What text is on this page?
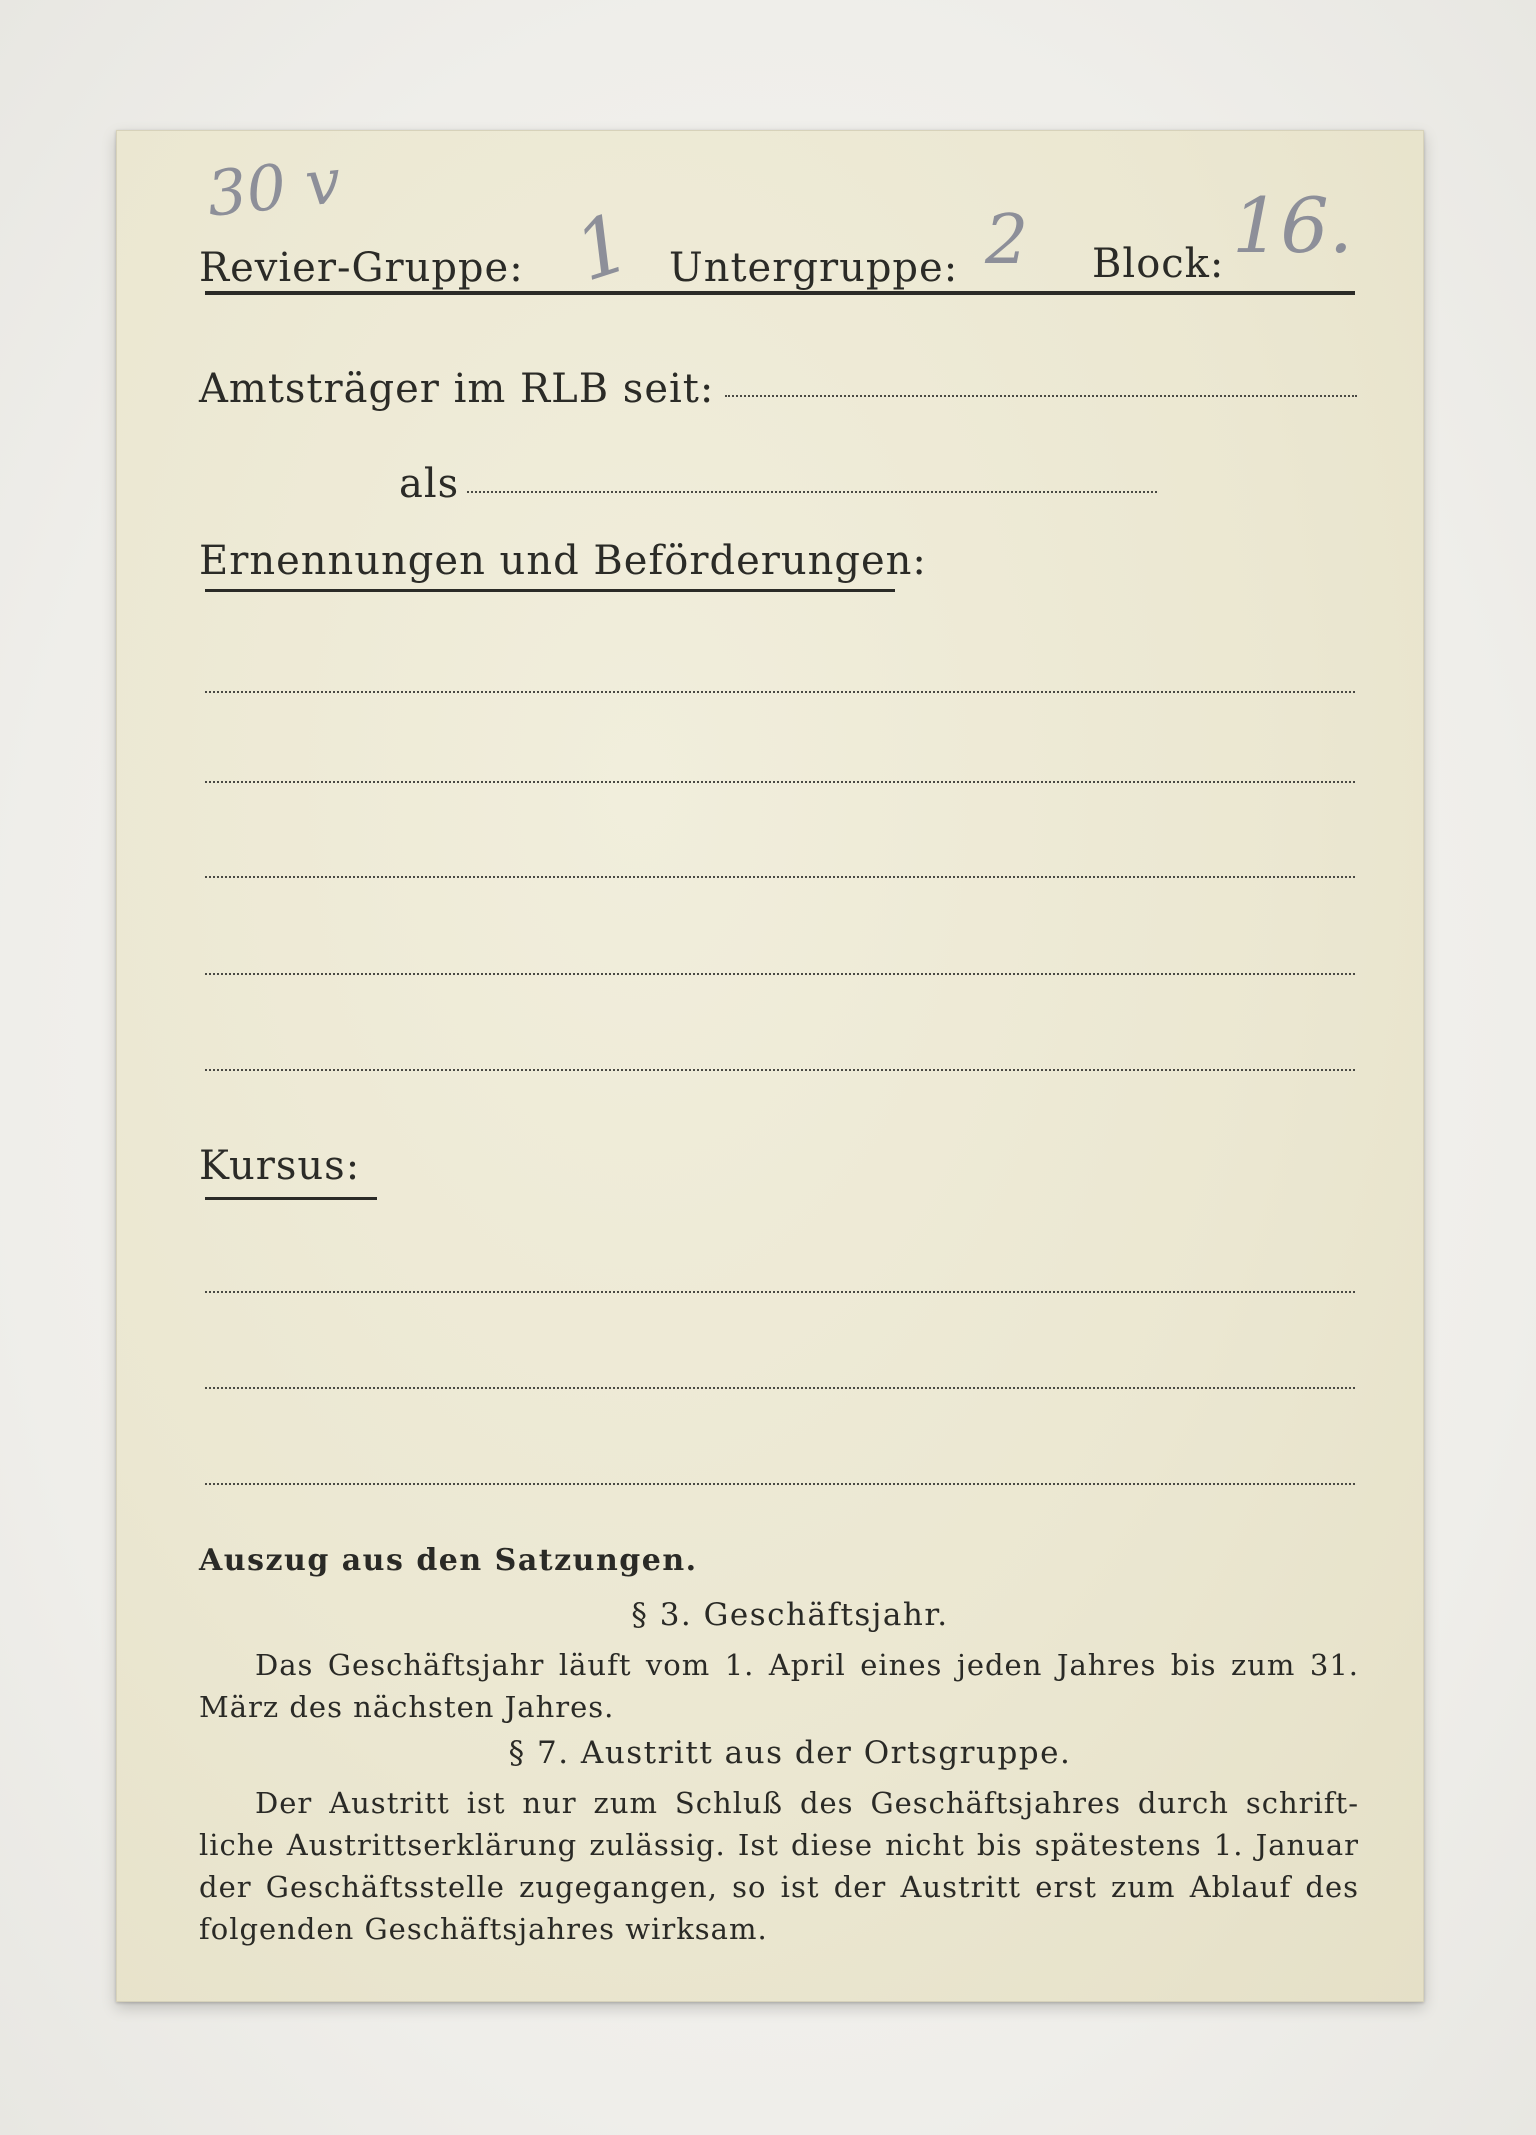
30 v
Revier-Gruppe: 1 Untergruppe: 2 Block: 16.
Amtsträger im RLB seit:
als
Ernennungen und Beförderungen:
Kursus:
Auszug aus den Satzungen.
§ 3. Geschäftsjahr.
Das Geschäftsjahr läuft vom 1. April eines jeden Jahres bis zum 31. März des nächsten Jahres.
§ 7. Austritt aus der Ortsgruppe.
Der Austritt ist nur zum Schluß des Geschäftsjahres durch schrift-liche Austrittserklärung zulässig. Ist diese nicht bis spätestens 1. Januar der Geschäftsstelle zugegangen, so ist der Austritt erst zum Ablauf des folgenden Geschäftsjahres wirksam.
